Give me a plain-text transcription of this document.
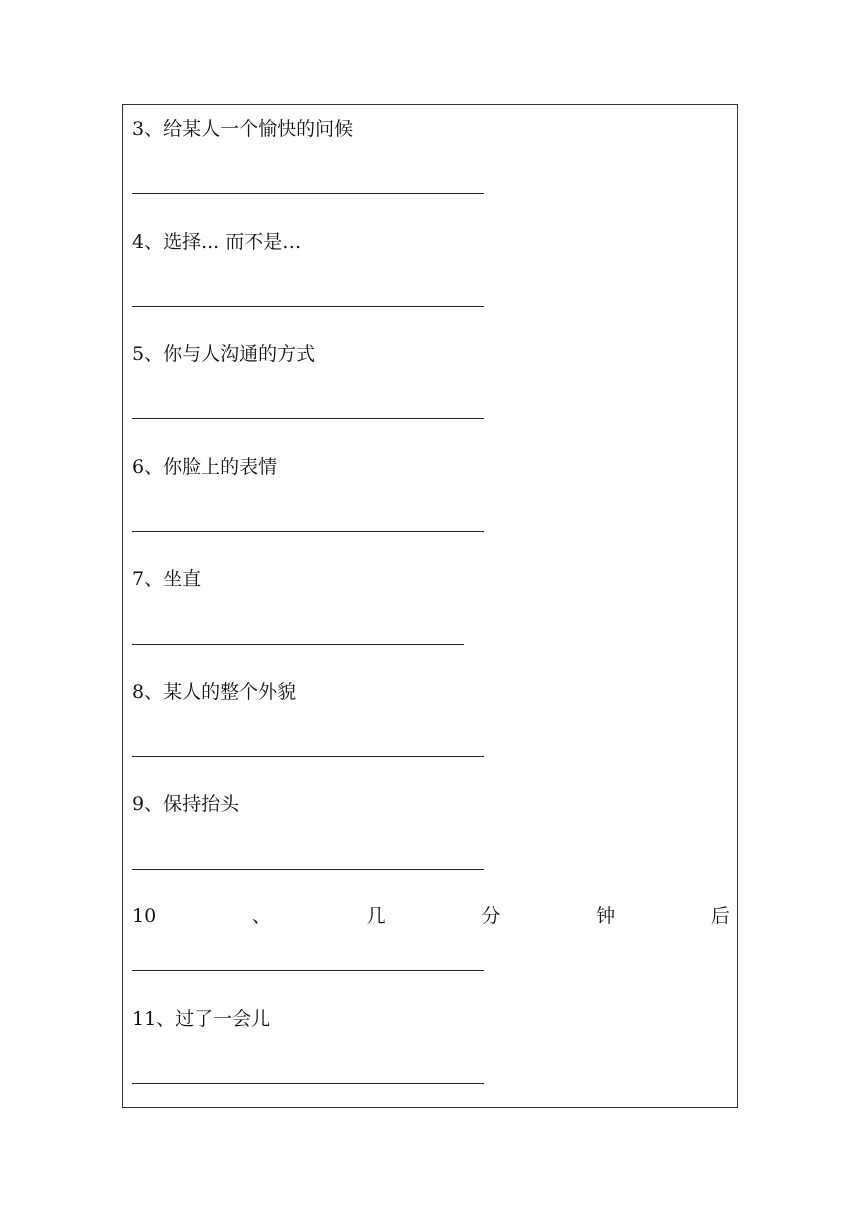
3、给某人一个愉快的问候
4、选择... 而不是…
5、你与人沟通的方式
6、你脸上的表情
7、坐直
8、某人的整个外貌
9、保持抬头
10	、	几	分	钟	后
11、过了一会儿
